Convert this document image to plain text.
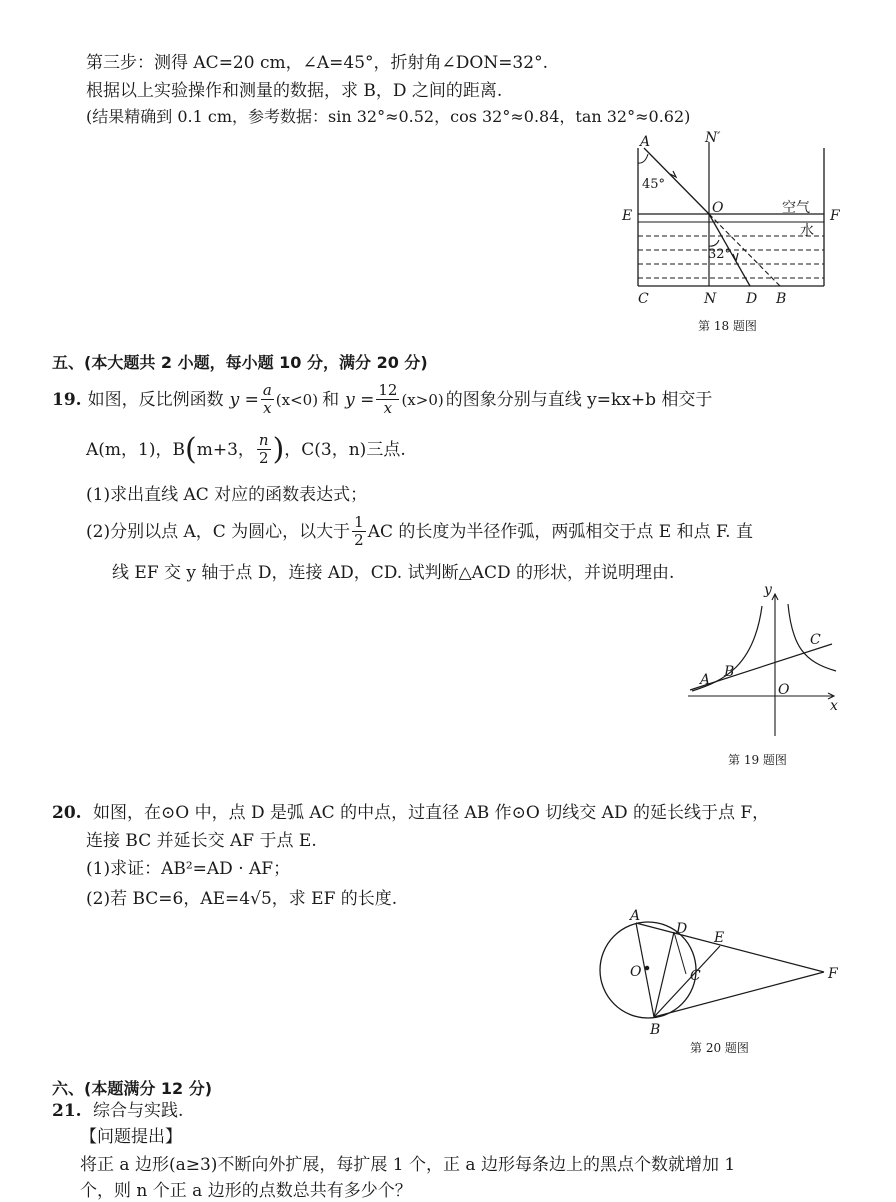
第三步：测得 AC=20 cm，∠A=45°，折射角∠DON=32°.
根据以上实验操作和测量的数据，求 B，D 之间的距离.
(结果精确到 0.1 cm，参考数据：sin 32°≈0.52，cos 32°≈0.84，tan 32°≈0.62)
45°
32°
空气
水
A	N′
E	O	F
C	N D B
第 18 题图
五、(本大题共 2 小题，每小题 10 分，满分 20 分)
19. 如图，反比例函数 $y = \frac{a}{x} (x<0)$ 和 $y = \frac{12}{x} (x>0)$ 的图象分别与直线 y=kx+b 相交于
A(m，1)，B ( m+3， $\frac{n}{2}$ ) ，C(3，n)三点.
(1)求出直线 AC 对应的函数表达式；
(2)分别以点 A，C 为圆心，以大于 $\frac{1}{2}$ AC 的长度为半径作弧，两弧相交于点 E 和点 F. 直
线 EF 交 y 轴于点 D，连接 AD，CD. 试判断△ACD 的形状，并说明理由.
y
x
O
A B
C
第 19 题图
20. 如图，在⊙O 中，点 D 是弧 AC 的中点，过直径 AB 作⊙O 切线交 AD 的延长线于点 F，
连接 BC 并延长交 AF 于点 E.
(1)求证：AB²=AD · AF；
(2)若 BC=6，AE=4√5，求 EF 的长度.
A
D
E
O	C	F
B
第 20 题图
六、(本题满分 12 分)
21. 综合与实践.
【问题提出】
将正 a 边形(a≥3)不断向外扩展，每扩展 1 个，正 a 边形每条边上的黑点个数就增加 1
个，则 n 个正 a 边形的点数总共有多少个？
